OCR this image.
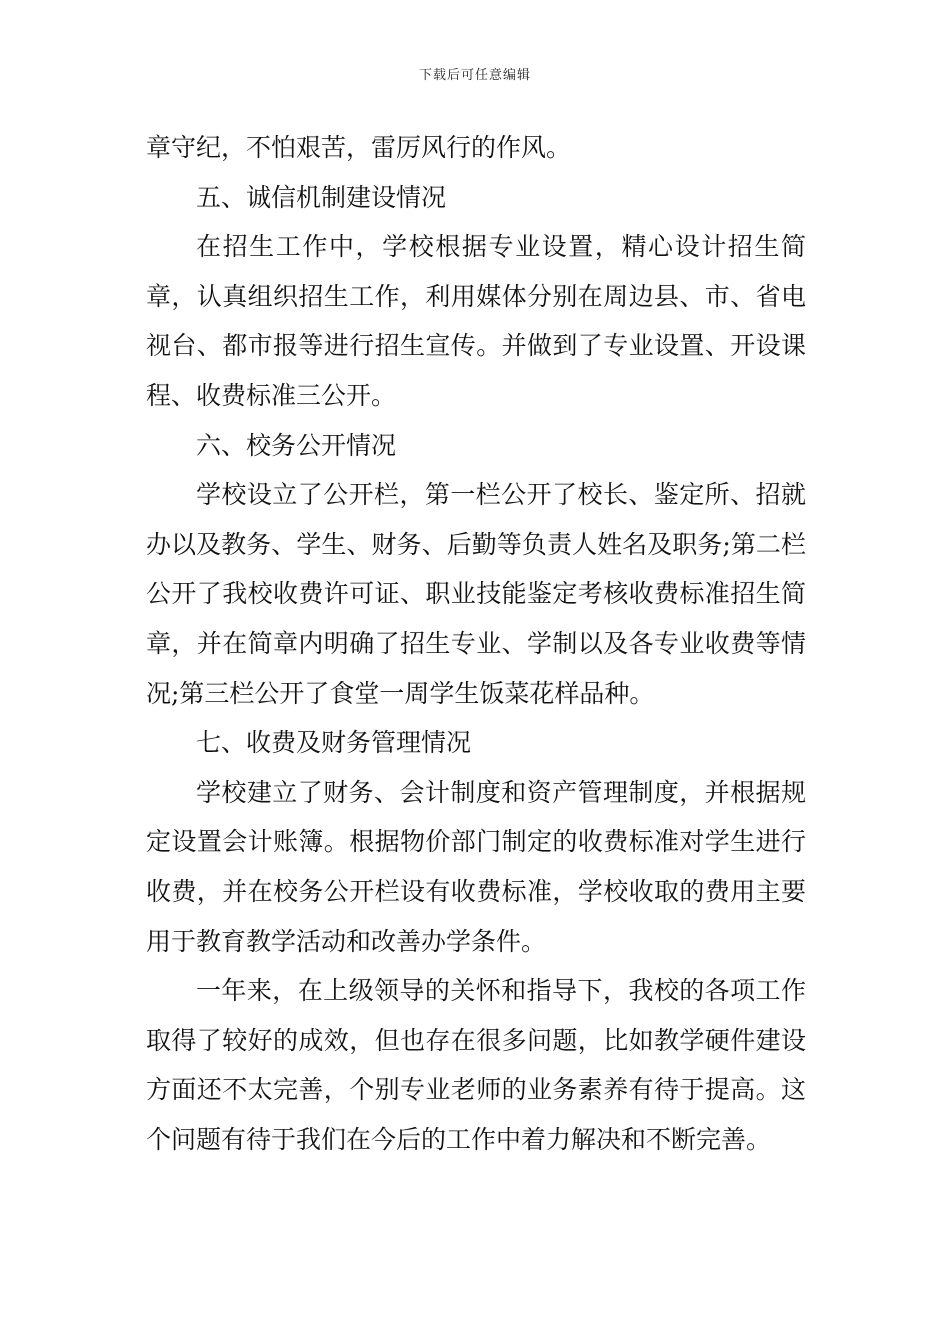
下载后可任意编辑

章守纪，不怕艰苦，雷厉风行的作风。

五、诚信机制建设情况

在招生工作中，学校根据专业设置，精心设计招生简章，认真组织招生工作，利用媒体分别在周边县、市、省电视台、都市报等进行招生宣传。并做到了专业设置、开设课程、收费标准三公开。

六、校务公开情况

学校设立了公开栏，第一栏公开了校长、鉴定所、招就办以及教务、学生、财务、后勤等负责人姓名及职务;第二栏公开了我校收费许可证、职业技能鉴定考核收费标准招生简章，并在简章内明确了招生专业、学制以及各专业收费等情况;第三栏公开了食堂一周学生饭菜花样品种。

七、收费及财务管理情况

学校建立了财务、会计制度和资产管理制度，并根据规定设置会计账簿。根据物价部门制定的收费标准对学生进行收费，并在校务公开栏设有收费标准，学校收取的费用主要用于教育教学活动和改善办学条件。

一年来，在上级领导的关怀和指导下，我校的各项工作取得了较好的成效，但也存在很多问题，比如教学硬件建设方面还不太完善，个别专业老师的业务素养有待于提高。这个问题有待于我们在今后的工作中着力解决和不断完善。
